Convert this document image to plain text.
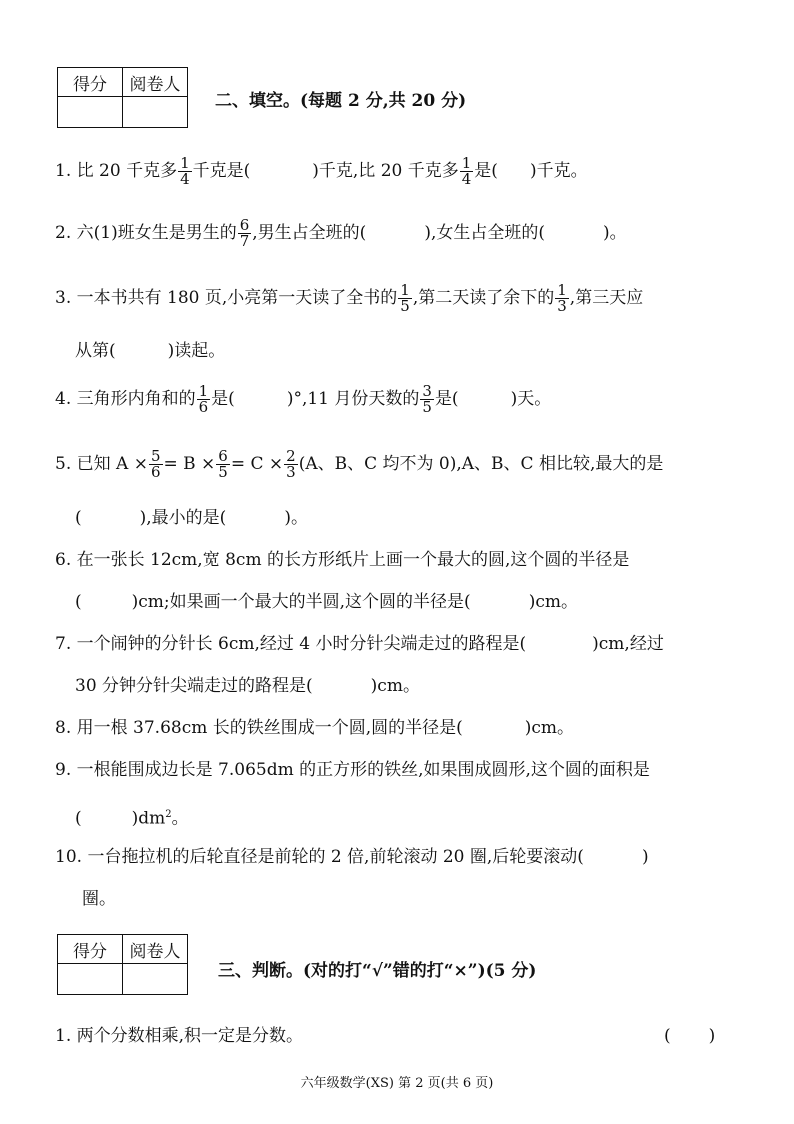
得分	阅卷人

二、填空。(每题 2 分,共 20 分)
1. 比 20 千克多 $\frac{1}{4}$ 千克是(	)千克,比 20 千克多 $\frac{1}{4}$ 是( )千克。
2. 六(1)班女生是男生的 $\frac{6}{7}$ ,男生占全班的(	),女生占全班的(	)。
3. 一本书共有 180 页,小亮第一天读了全书的 $\frac{1}{5}$ ,第二天读了余下的 $\frac{1}{3}$ ,第三天应
从第(	)读起。
4. 三角形内角和的 $\frac{1}{6}$ 是(	)°,11 月份天数的 $\frac{3}{5}$ 是(	)天。
5. 已知 $A \times \frac{5}{6} = B \times \frac{6}{5} = C \times \frac{2}{3} (A$、B、C 均不为 0),A、B、C 相比较,最大的是
(	),最小的是(	)。
6. 在一张长 12cm,宽 8cm 的长方形纸片上画一个最大的圆,这个圆的半径是
(	)cm;如果画一个最大的半圆,这个圆的半径是(	)cm。
7. 一个闹钟的分针长 6cm,经过 4 小时分针尖端走过的路程是(	)cm,经过
30 分钟分针尖端走过的路程是(	)cm。
8. 用一根 37.68cm 长的铁丝围成一个圆,圆的半径是(	)cm。
9. 一根能围成边长是 7.065dm 的正方形的铁丝,如果围成圆形,这个圆的面积是
(	)$dm^2$。
10. 一台拖拉机的后轮直径是前轮的 2 倍,前轮滚动 20 圈,后轮要滚动(	)
圈。
得分	阅卷人

三、判断。(对的打“√”错的打“×”)(5 分)
1. 两个分数相乘,积一定是分数。	( )
六年级数学(XS) 第 2 页(共 6 页)
